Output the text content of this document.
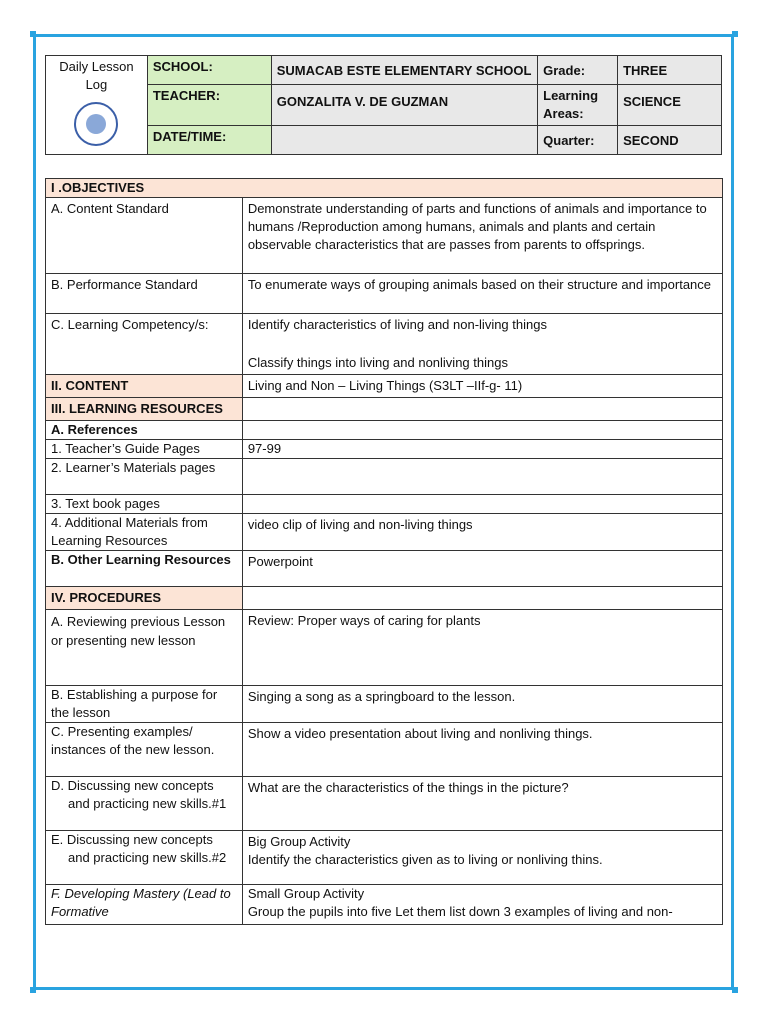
Daily Lesson Log	SCHOOL:	SUMACAB ESTE ELEMENTARY SCHOOL	Grade:	THREE
	TEACHER:	GONZALITA V. DE GUZMAN	Learning Areas:	SCIENCE
	DATE/TIME:		Quarter:	SECOND
I .OBJECTIVES	
A. Content Standard	Demonstrate understanding of parts and functions of animals and importance to humans /Reproduction among humans, animals and plants and certain observable characteristics that are passes from parents to offsprings.
B. Performance Standard	To enumerate ways of grouping animals based on their structure and importance
C. Learning Competency/s:	Identify characteristics of living and non-living things
Classify things into living and nonliving things

II. CONTENT	Living and Non – Living Things (S3LT –IIf-g- 11)
III. LEARNING RESOURCES	
A. References	
1. Teacher’s Guide Pages	97-99
2. Learner’s Materials pages	
3. Text book pages	
4. Additional Materials from Learning Resources	video clip of living and non-living things
B. Other Learning Resources	Powerpoint
IV. PROCEDURES	
A. Reviewing previous Lesson or presenting new lesson	Review: Proper ways of caring for plants
B. Establishing a purpose for the lesson	Singing a song as a springboard to the lesson.
C. Presenting examples/ instances of the new lesson.	Show a video presentation about living and nonliving things.
D. Discussing new concepts and practicing new skills.#1	What are the characteristics of the things in the picture?
E. Discussing new concepts and practicing new skills.#2	Big Group Activity
Identify the characteristics given as to living or nonliving thins.

F. Developing Mastery (Lead to Formative	Small Group Activity
Group the pupils into five Let them list down 3 examples of living and non-
